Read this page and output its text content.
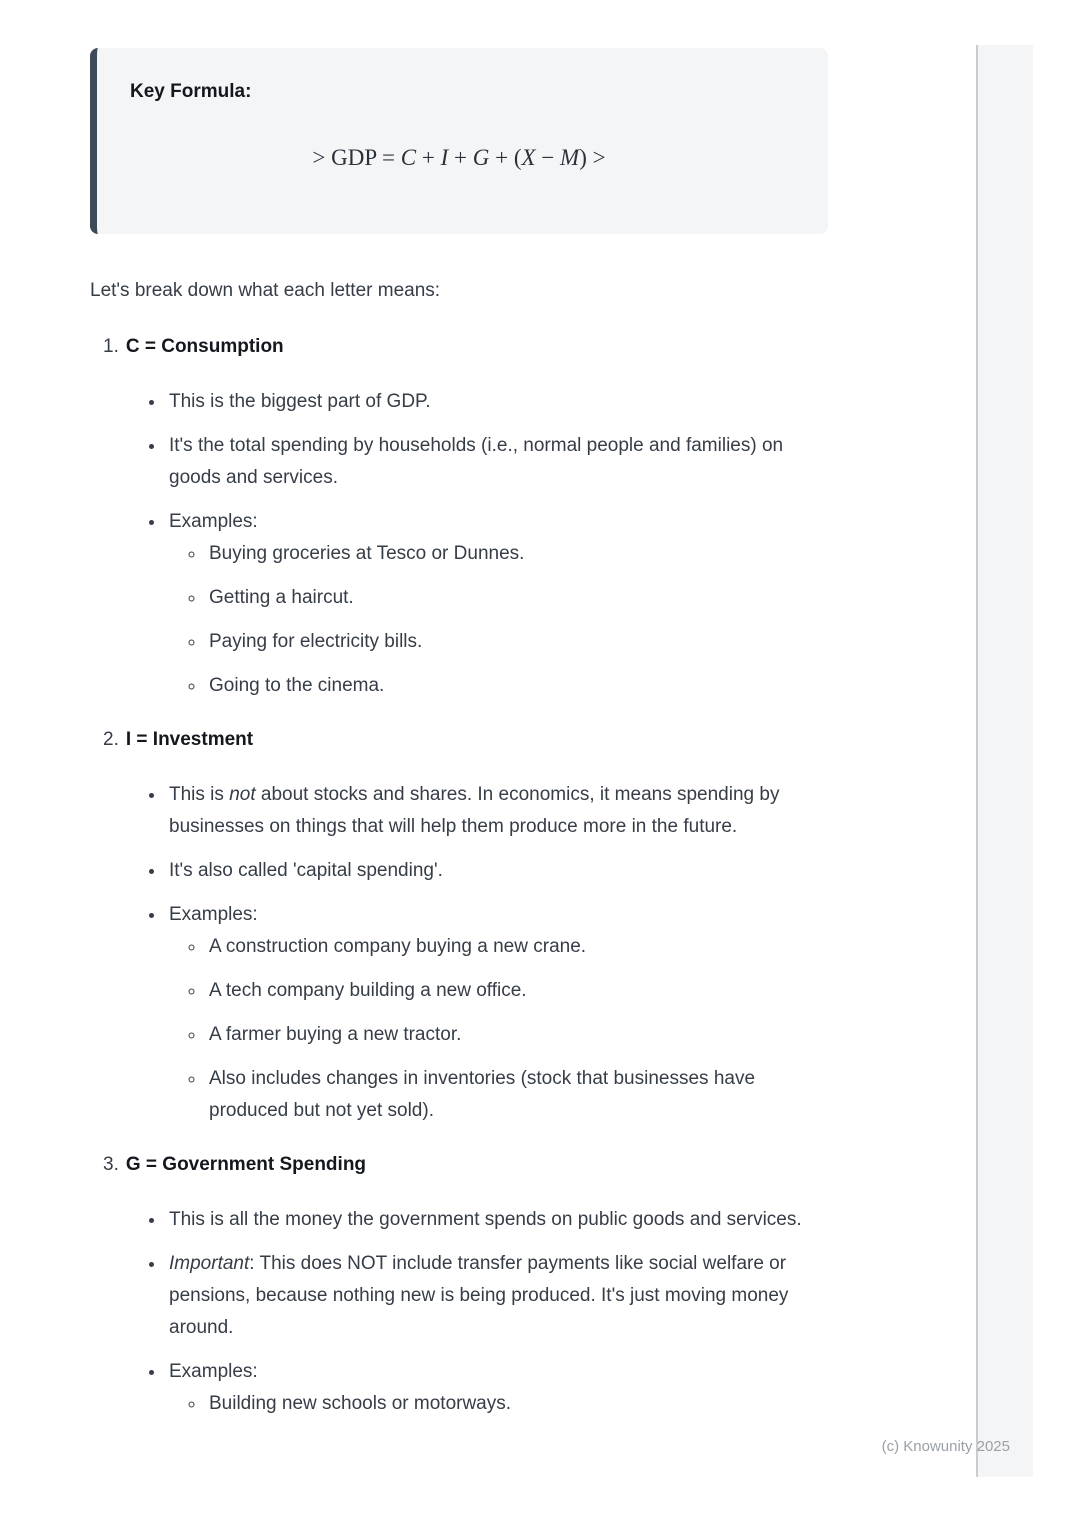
Key Formula:
> GDP = C + I + G + (X − M) >

Let's break down what each letter means:

1. C = Consumption
• This is the biggest part of GDP.
• It's the total spending by households (i.e., normal people and families) on goods and services.
• Examples:
◦ Buying groceries at Tesco or Dunnes.
◦ Getting a haircut.
◦ Paying for electricity bills.
◦ Going to the cinema.
2. I = Investment
• This is not about stocks and shares. In economics, it means spending by businesses on things that will help them produce more in the future.
• It's also called 'capital spending'.
• Examples:
◦ A construction company buying a new crane.
◦ A tech company building a new office.
◦ A farmer buying a new tractor.
◦ Also includes changes in inventories (stock that businesses have produced but not yet sold).
3. G = Government Spending
• This is all the money the government spends on public goods and services.
• Important: This does NOT include transfer payments like social welfare or pensions, because nothing new is being produced. It's just moving money around.
• Examples:
◦ Building new schools or motorways.
(c) Knowunity 2025
